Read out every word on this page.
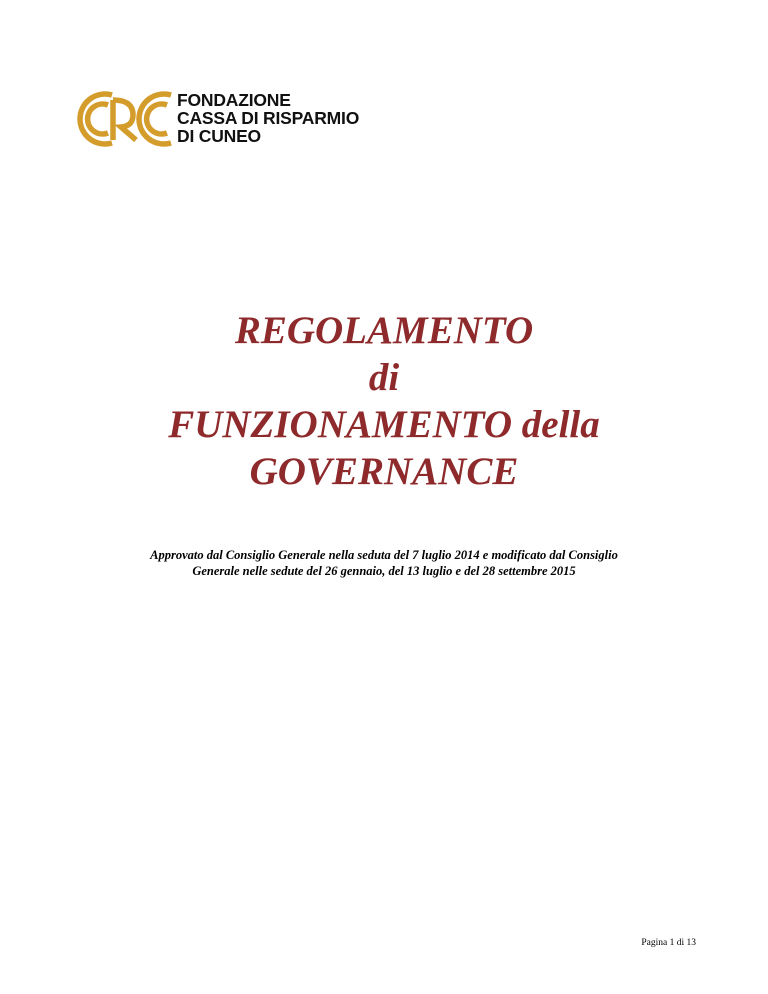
FONDAZIONE
CASSA DI RISPARMIO
DI CUNEO
REGOLAMENTO
di
FUNZIONAMENTO della
GOVERNANCE
Approvato dal Consiglio Generale nella seduta del 7 luglio 2014 e modificato dal Consiglio
Generale nelle sedute del 26 gennaio, del 13 luglio e del 28 settembre 2015
Pagina 1 di 13
